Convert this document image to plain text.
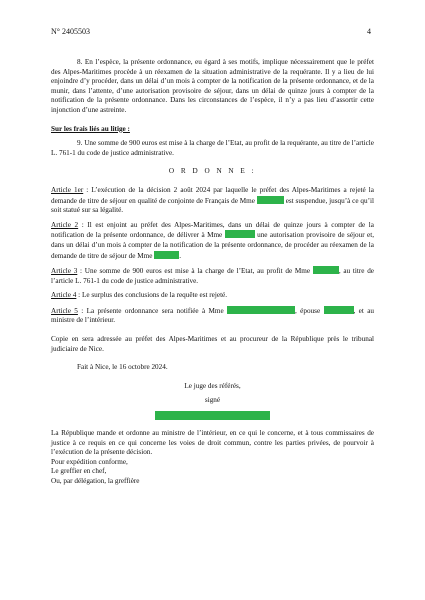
N° 2405503	4

8. En l’espèce, la présente ordonnance, eu égard à ses motifs, implique nécessairement que le préfet des Alpes-Maritimes procède à un réexamen de la situation administrative de la requérante. Il y a lieu de lui enjoindre d’y procéder, dans un délai d’un mois à compter de la notification de la présente ordonnance, et de la munir, dans l’attente, d’une autorisation provisoire de séjour, dans un délai de quinze jours à compter de la notification de la présente ordonnance. Dans les circonstances de l’espèce, il n’y a pas lieu d’assortir cette injonction d’une astreinte.

Sur les frais liés au litige :

9. Une somme de 900 euros est mise à la charge de l’Etat, au profit de la requérante, au titre de l’article L. 761-1 du code de justice administrative.

O R D O N N E :

Article 1er : L’exécution de la décision 2 août 2024 par laquelle le préfet des Alpes-Maritimes a rejeté la demande de titre de séjour en qualité de conjointe de Français de Mme	est suspendue, jusqu’à ce qu’il soit statué sur sa légalité.

Article 2 : Il est enjoint au préfet des Alpes-Maritimes, dans un délai de quinze jours à compter de la notification de la présente ordonnance, de délivrer à Mme	une autorisation provisoire de séjour et, dans un délai d’un mois à compter de la notification de la présente ordonnance, de procéder au réexamen de la demande de titre de séjour de Mme	.

Article 3 : Une somme de 900 euros est mise à la charge de l’Etat, au profit de Mme	, au titre de l’article L. 761-1 du code de justice administrative.

Article 4 : Le surplus des conclusions de la requête est rejeté.

Article 5 : La présente ordonnance sera notifiée à Mme	, épouse	, et au ministre de l’intérieur.

Copie en sera adressée au préfet des Alpes-Maritimes et au procureur de la République près le tribunal judiciaire de Nice.

Fait à Nice, le 16 octobre 2024.

Le juge des référés,

signé

La République mande et ordonne au ministre de l’intérieur, en ce qui le concerne, et à tous commissaires de justice à ce requis en ce qui concerne les voies de droit commun, contre les parties privées, de pourvoir à l’exécution de la présente décision.

Pour expédition conforme,

Le greffier en chef,

Ou, par délégation, la greffière
